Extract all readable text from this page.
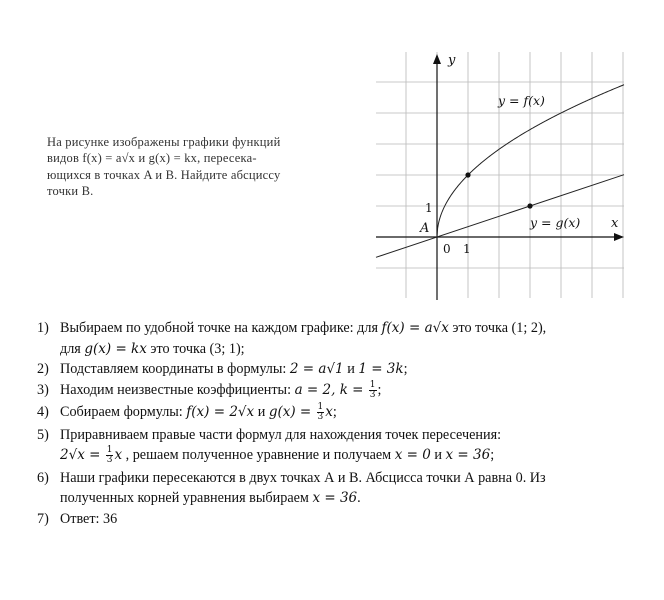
На рисунке изображены графики функций
видов f(x) = a√x и g(x) = kx, пересека-
ющихся в точках A и B. Найдите абсциссу
точки B.
y
x
y = f(x)
y = g(x)
1
0 1
A
1) Выбираем по удобной точке на каждом графике: для f(x) = a√x это точка (1; 2),
для g(x) = kx это точка (3; 1);
2) Подставляем координаты в формулы: 2 = a√1 и 1 = 3k;
3) Находим неизвестные коэффициенты: a = 2, $k = \frac{1}{3}$ ;
4) Собираем формулы: f(x) = 2√x и $g(x) = \frac{1}{3} x$;
5) Приравниваем правые части формул для нахождения точек пересечения:
$2√x = \frac{1}{3}$ x , решаем полученное уравнение и получаем x = 0 и x = 36;
6) Наши графики пересекаются в двух точках А и В. Абсцисса точки А равна 0. Из
полученных корней уравнения выбираем x = 36.
7) Ответ: 36
